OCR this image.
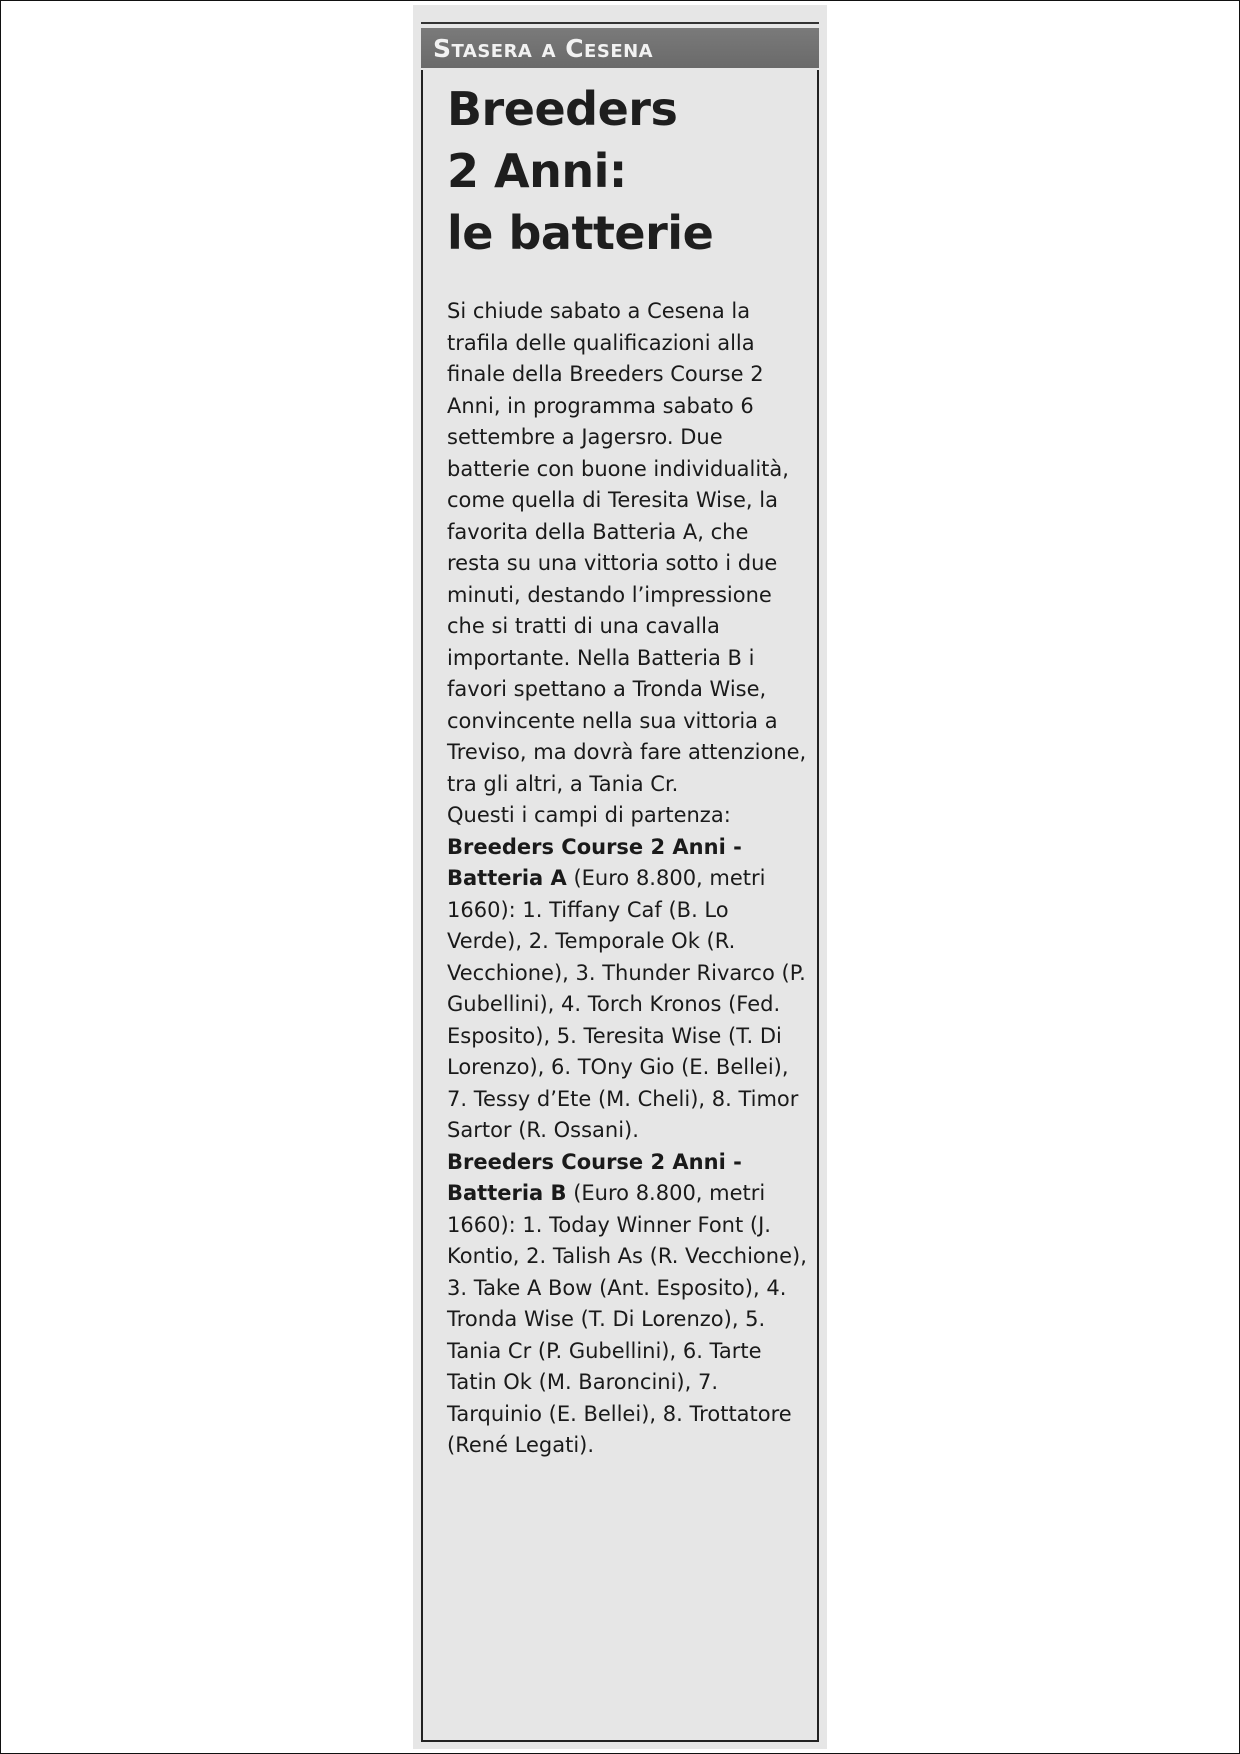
Stasera a Cesena
Breeders
2 Anni:
le batterie

Si chiude sabato a Cesena la trafila delle qualificazioni alla finale della Breeders Course 2 Anni, in programma sabato 6 settembre a Jagersro. Due batterie con buone individualità, come quella di Teresita Wise, la favorita della Batteria A, che resta su una vittoria sotto i due minuti, destando l’impressione che si tratti di una cavalla importante. Nella Batteria B i favori spettano a Tronda Wise, convincente nella sua vittoria a Treviso, ma dovrà fare attenzione, tra gli altri, a Tania Cr.

Questi i campi di partenza:

Breeders Course 2 Anni - Batteria A (Euro 8.800, metri 1660): 1. Tiffany Caf (B. Lo Verde), 2. Temporale Ok (R. Vecchione), 3. Thunder Rivarco (P. Gubellini), 4. Torch Kronos (Fed. Esposito), 5. Teresita Wise (T. Di Lorenzo), 6. TOny Gio (E. Bellei), 7. Tessy d’Ete (M. Cheli), 8. Timor Sartor (R. Ossani).

Breeders Course 2 Anni - Batteria B (Euro 8.800, metri 1660): 1. Today Winner Font (J. Kontio, 2. Talish As (R. Vecchione), 3. Take A Bow (Ant. Esposito), 4. Tronda Wise (T. Di Lorenzo), 5. Tania Cr (P. Gubellini), 6. Tarte Tatin Ok (M. Baroncini), 7. Tarquinio (E. Bellei), 8. Trottatore (René Legati).
